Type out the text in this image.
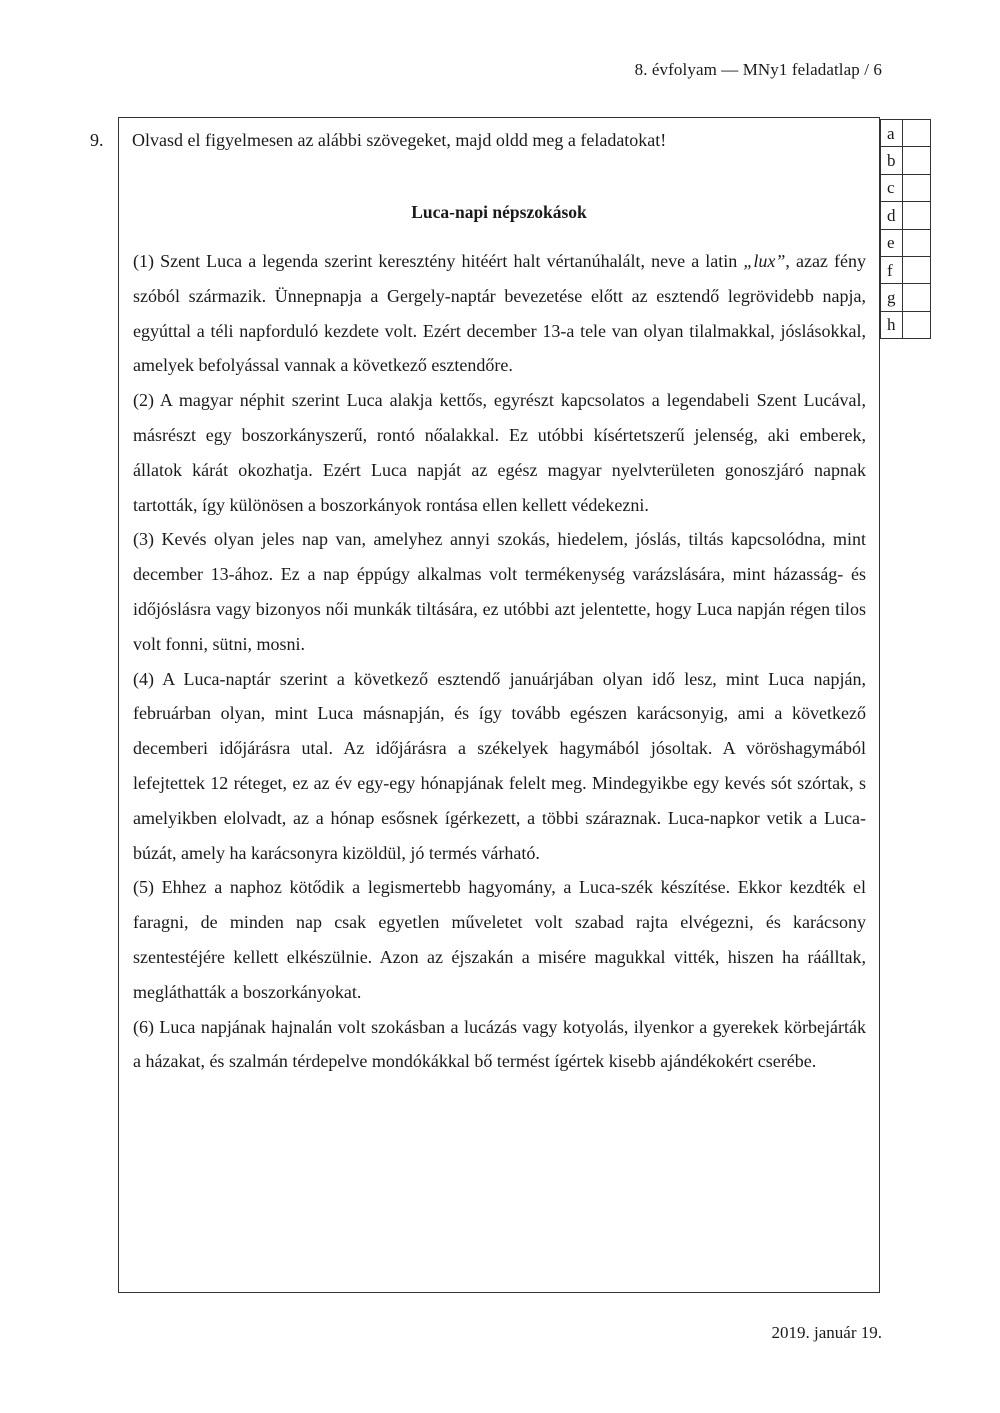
8. évfolyam — MNy1 feladatlap / 6
9. Olvasd el figyelmesen az alábbi szövegeket, majd oldd meg a feladatokat!
Luca-napi népszokások

(1) Szent Luca a legenda szerint keresztény hitéért halt vértanúhalált, neve a latin „lux”, azaz fény szóból származik. Ünnepnapja a Gergely-naptár bevezetése előtt az esztendő legrövidebb napja, egyúttal a téli napforduló kezdete volt. Ezért december 13-a tele van olyan tilalmakkal, jóslásokkal, amelyek befolyással vannak a következő esztendőre.

(2) A magyar néphit szerint Luca alakja kettős, egyrészt kapcsolatos a legendabeli Szent Lucával, másrészt egy boszorkányszerű, rontó nőalakkal. Ez utóbbi kísértetszerű jelenség, aki emberek, állatok kárát okozhatja. Ezért Luca napját az egész magyar nyelvterületen gonoszjáró napnak tartották, így különösen a boszorkányok rontása ellen kellett védekezni.

(3) Kevés olyan jeles nap van, amelyhez annyi szokás, hiedelem, jóslás, tiltás kapcsolódna, mint december 13-ához. Ez a nap éppúgy alkalmas volt termékenység varázslására, mint házasság- és időjóslásra vagy bizonyos női munkák tiltására, ez utóbbi azt jelentette, hogy Luca napján régen tilos volt fonni, sütni, mosni.

(4) A Luca-naptár szerint a következő esztendő januárjában olyan idő lesz, mint Luca napján, februárban olyan, mint Luca másnapján, és így tovább egészen karácsonyig, ami a következő decemberi időjárásra utal. Az időjárásra a székelyek hagymából jósoltak. A vöröshagymából lefejtettek 12 réteget, ez az év egy-egy hónapjának felelt meg. Mindegyikbe egy kevés sót szórtak, s amelyikben elolvadt, az a hónap esősnek ígérkezett, a többi száraznak. Luca-napkor vetik a Luca-búzát, amely ha karácsonyra kizöldül, jó termés várható.

(5) Ehhez a naphoz kötődik a legismertebb hagyomány, a Luca-szék készítése. Ekkor kezdték el faragni, de minden nap csak egyetlen műveletet volt szabad rajta elvégezni, és karácsony szentestéjére kellett elkészülnie. Azon az éjszakán a misére magukkal vitték, hiszen ha ráálltak, megláthatták a boszorkányokat.

(6) Luca napjának hajnalán volt szokásban a lucázás vagy kotyolás, ilyenkor a gyerekek körbejárták a házakat, és szalmán térdepelve mondókákkal bő termést ígértek kisebb ajándékokért cserébe.

a	
b	
c	
d	
e	
f	
g	
h	
2019. január 19.
